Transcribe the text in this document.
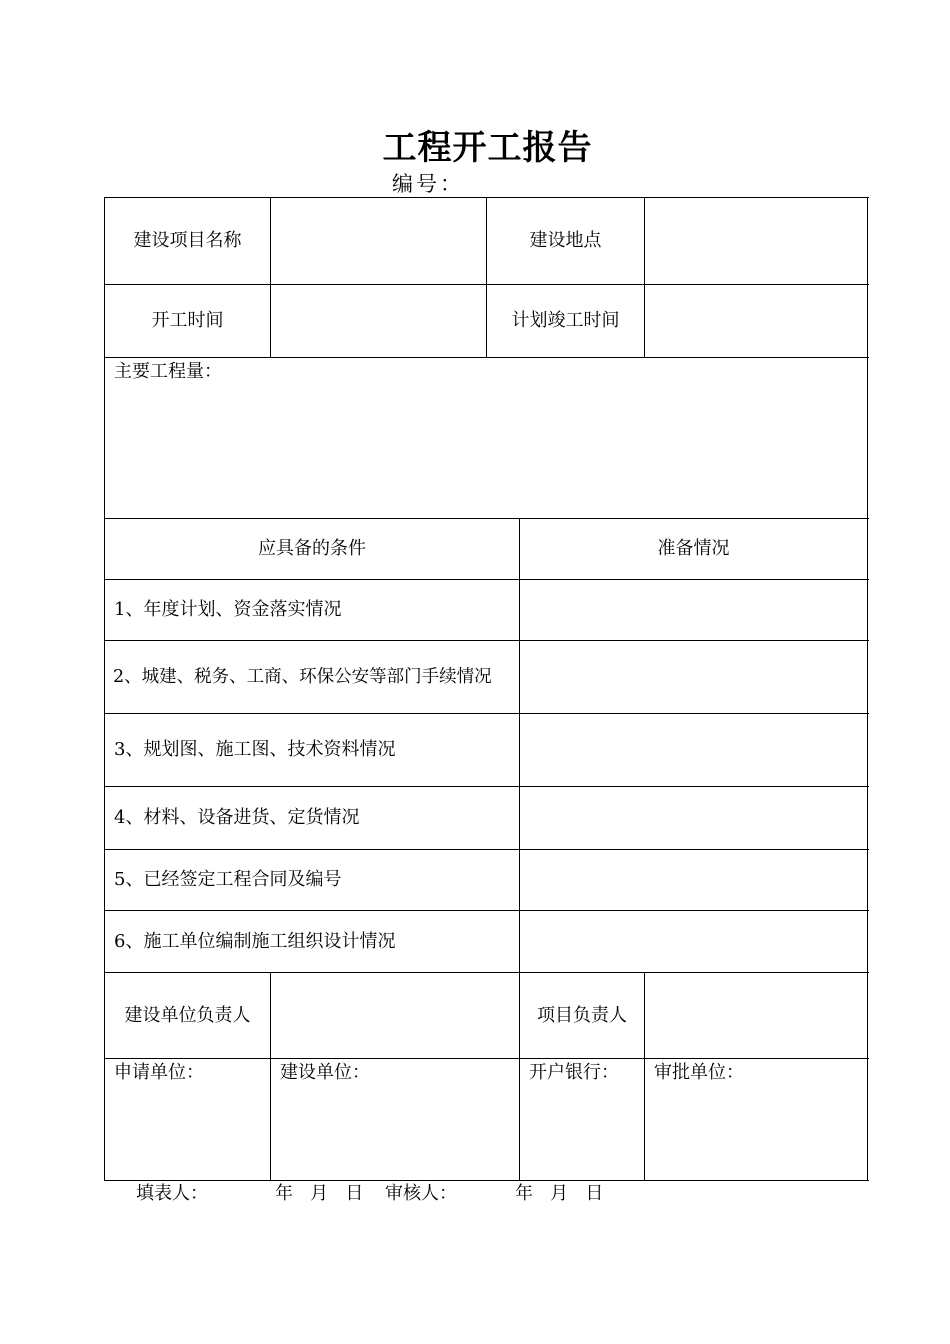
工程开工报告
编号：
建设项目名称	建设地点
开工时间	计划竣工时间
主要工程量：
应具备的条件	准备情况
1、年度计划、资金落实情况
2、城建、税务、工商、环保公安等部门手续情况
3、规划图、施工图、技术资料情况
4、材料、设备进货、定货情况
5、已经签定工程合同及编号
6、施工单位编制施工组织设计情况
建设单位负责人	项目负责人
申请单位：	建设单位：	开户银行：	审批单位：
填表人：	年   月   日 审核人：	年   月   日
